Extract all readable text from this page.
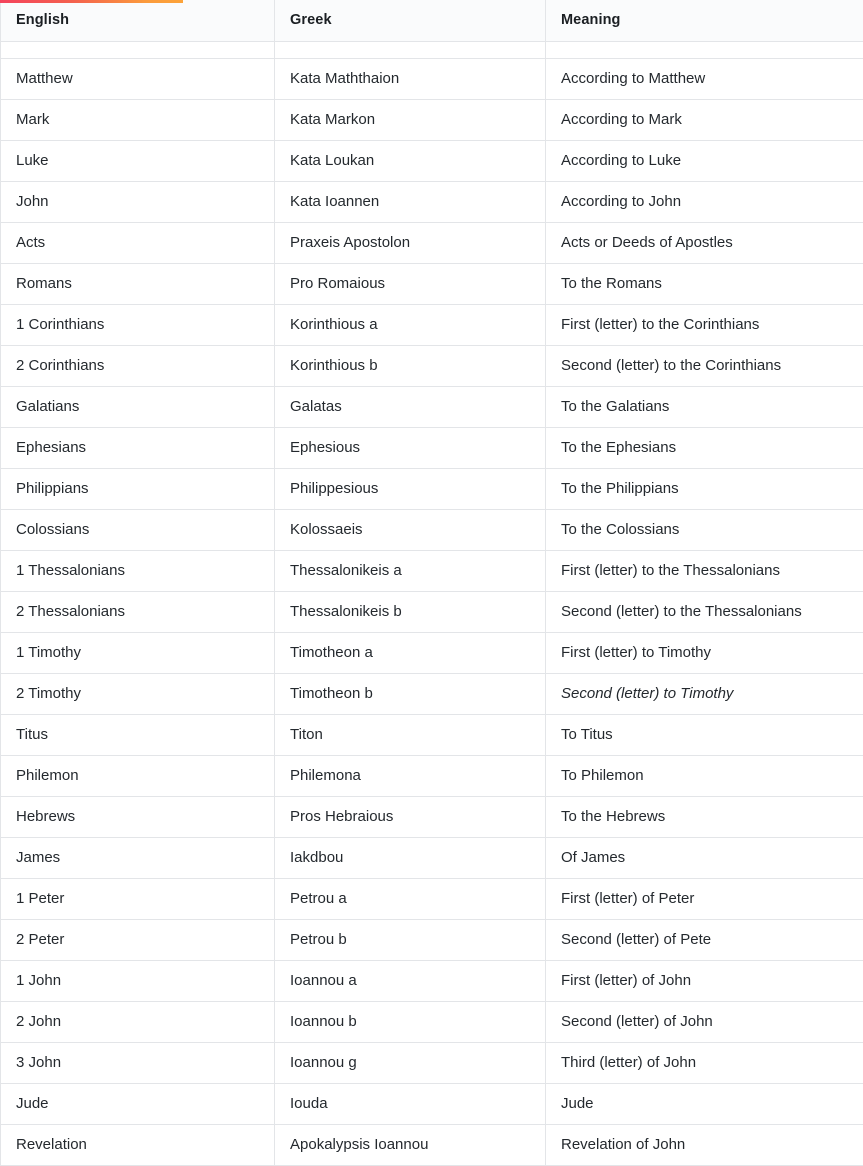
English	Greek	Meaning

Matthew	Kata Maththaion	According to Matthew
Mark	Kata Markon	According to Mark
Luke	Kata Loukan	According to Luke
John	Kata Ioannen	According to John
Acts	Praxeis Apostolon	Acts or Deeds of Apostles
Romans	Pro Romaious	To the Romans
1 Corinthians	Korinthious a	First (letter) to the Corinthians
2 Corinthians	Korinthious b	Second (letter) to the Corinthians
Galatians	Galatas	To the Galatians
Ephesians	Ephesious	To the Ephesians
Philippians	Philippesious	To the Philippians
Colossians	Kolossaeis	To the Colossians
1 Thessalonians	Thessalonikeis a	First (letter) to the Thessalonians
2 Thessalonians	Thessalonikeis b	Second (letter) to the Thessalonians
1 Timothy	Timotheon a	First (letter) to Timothy
2 Timothy	Timotheon b	Second (letter) to Timothy
Titus	Titon	To Titus
Philemon	Philemona	To Philemon
Hebrews	Pros Hebraious	To the Hebrews
James	Iakdbou	Of James
1 Peter	Petrou a	First (letter) of Peter
2 Peter	Petrou b	Second (letter) of Pete
1 John	Ioannou a	First (letter) of John
2 John	Ioannou b	Second (letter) of John
3 John	Ioannou g	Third (letter) of John
Jude	Iouda	Jude
Revelation	Apokalypsis Ioannou	Revelation of John
